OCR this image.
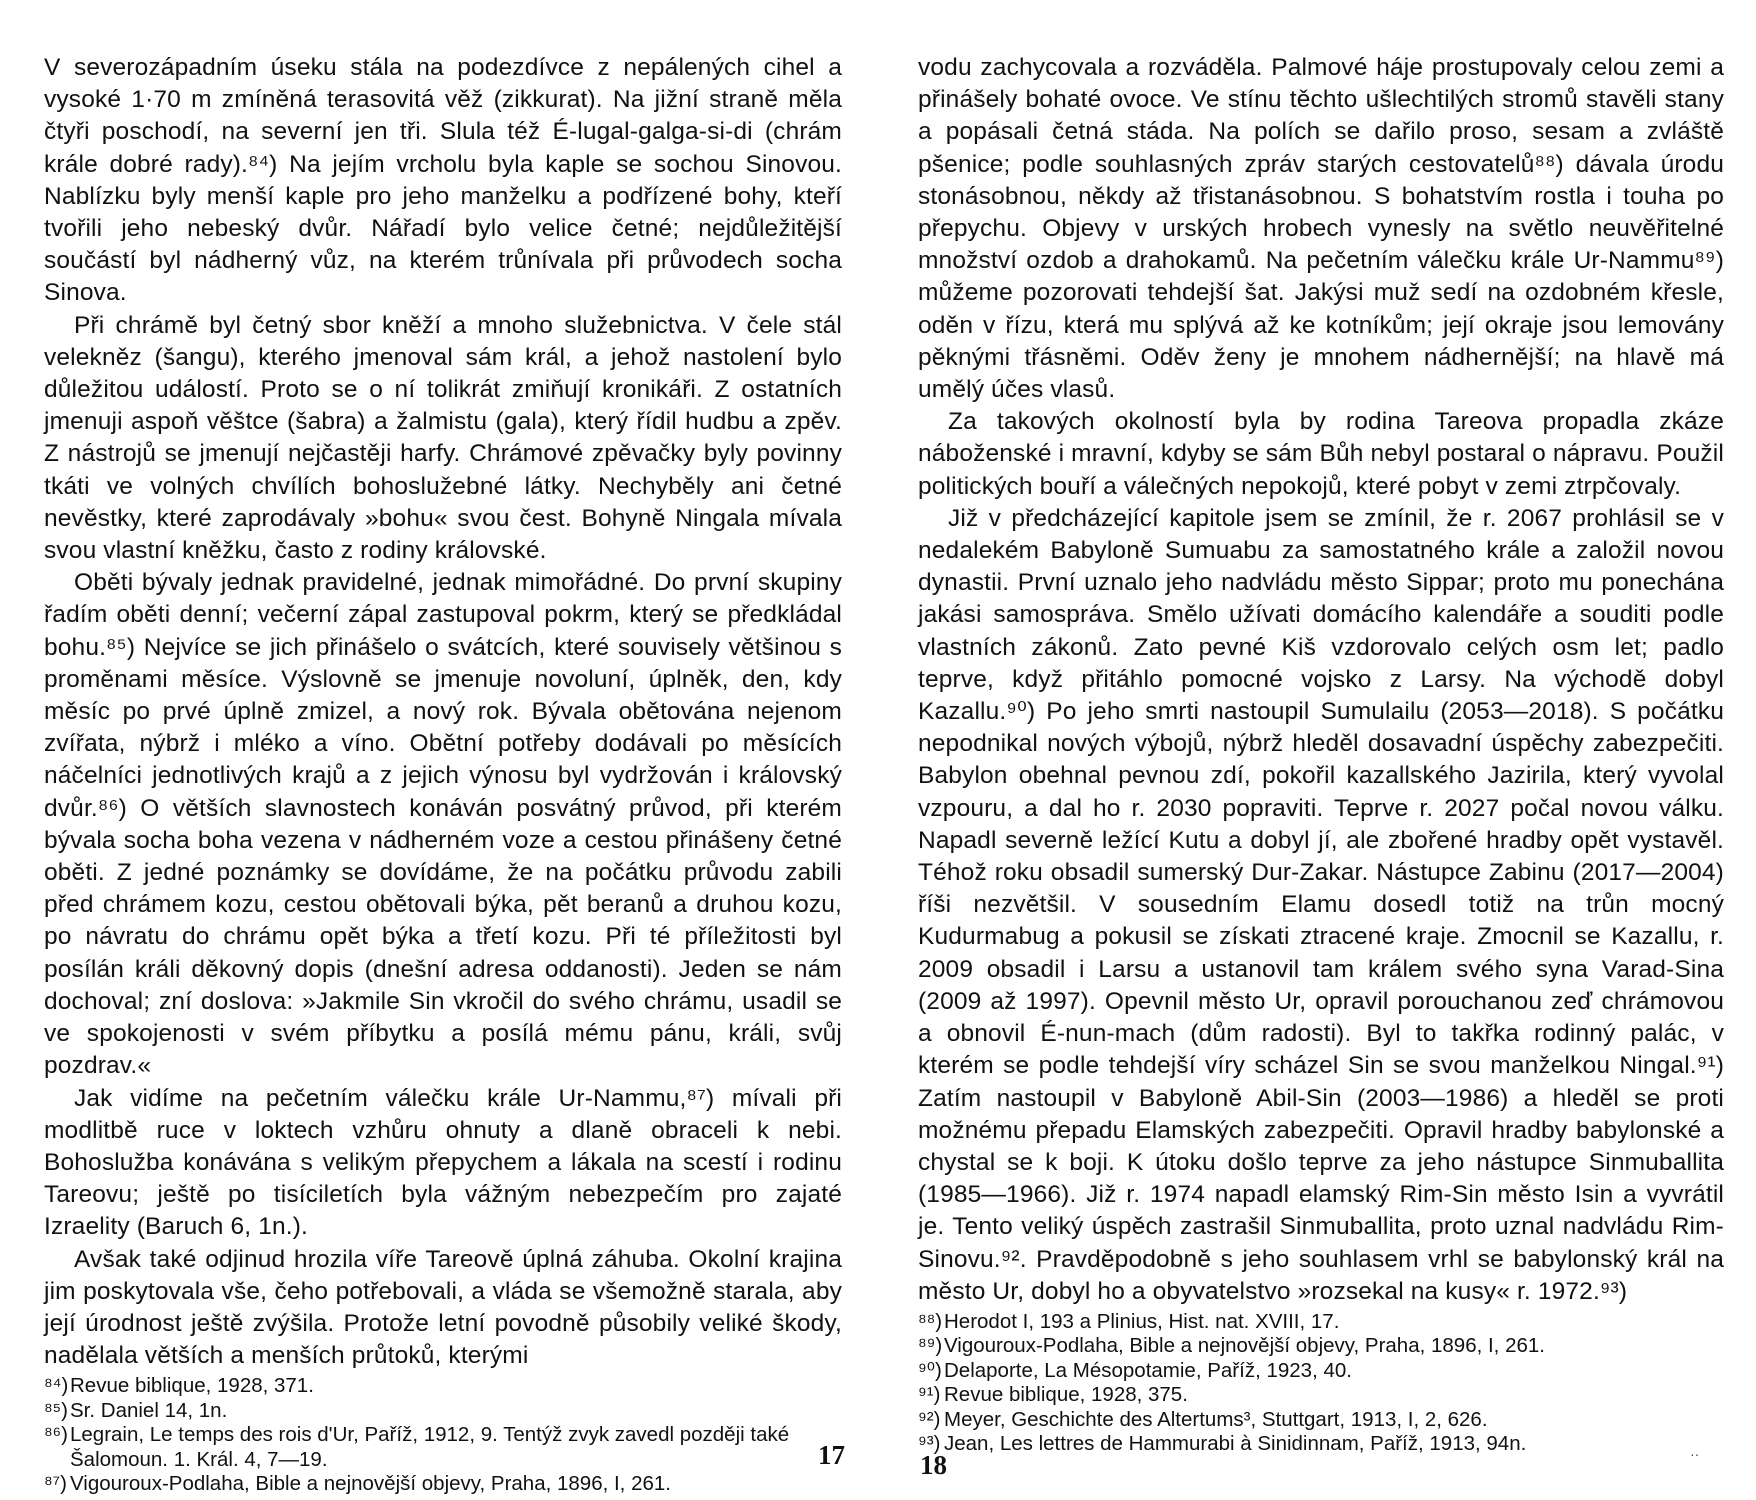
V severozápadním úseku stála na podezdívce z nepálených cihel a vysoké 1·70 m zmíněná terasovitá věž (zikkurat). Na jižní straně měla čtyři poschodí, na severní jen tři. Slula též É-lugal-galga-si-di (chrám krále dobré rady).⁸⁴) Na jejím vrcholu byla kaple se sochou Sinovou. Nablízku byly menší kaple pro jeho manželku a podřízené bohy, kteří tvořili jeho nebeský dvůr. Nářadí bylo velice četné; nejdůležitější součástí byl nádherný vůz, na kterém trůnívala při průvodech socha Sinova.

Při chrámě byl četný sbor kněží a mnoho služebnictva. V čele stál velekněz (šangu), kterého jmenoval sám král, a jehož nastolení bylo důležitou událostí. Proto se o ní tolikrát zmiňují kronikáři. Z ostatních jmenuji aspoň věštce (šabra) a žalmistu (gala), který řídil hudbu a zpěv. Z nástrojů se jmenují nejčastěji harfy. Chrámové zpěvačky byly povinny tkáti ve volných chvílích bohoslužebné látky. Nechyběly ani četné nevěstky, které zaprodávaly »bohu« svou čest. Bohyně Ningala mívala svou vlastní kněžku, často z rodiny královské.

Oběti bývaly jednak pravidelné, jednak mimořádné. Do první skupiny řadím oběti denní; večerní zápal zastupoval pokrm, který se předkládal bohu.⁸⁵) Nejvíce se jich přinášelo o svátcích, které souvisely většinou s proměnami měsíce. Výslovně se jmenuje novoluní, úplněk, den, kdy měsíc po prvé úplně zmizel, a nový rok. Bývala obětována nejenom zvířata, nýbrž i mléko a víno. Obětní potřeby dodávali po měsících náčelníci jednotlivých krajů a z jejich výnosu byl vydržován i královský dvůr.⁸⁶) O větších slavnostech konáván posvátný průvod, při kterém bývala socha boha vezena v nádherném voze a cestou přinášeny četné oběti. Z jedné poznámky se dovídáme, že na počátku průvodu zabili před chrámem kozu, cestou obětovali býka, pět beranů a druhou kozu, po návratu do chrámu opět býka a třetí kozu. Při té příležitosti byl posílán králi děkovný dopis (dnešní adresa oddanosti). Jeden se nám dochoval; zní doslova: »Jakmile Sin vkročil do svého chrámu, usadil se ve spokojenosti v svém příbytku a posílá mému pánu, králi, svůj pozdrav.«

Jak vidíme na pečetním válečku krále Ur-Nammu,⁸⁷) mívali při modlitbě ruce v loktech vzhůru ohnuty a dlaně obraceli k nebi. Bohoslužba konávána s velikým přepychem a lákala na scestí i rodinu Tareovu; ještě po tisíciletích byla vážným nebezpečím pro zajaté Izraelity (Baruch 6, 1n.).

Avšak také odjinud hrozila víře Tareově úplná záhuba. Okolní krajina jim poskytovala vše, čeho potřebovali, a vláda se všemožně starala, aby její úrodnost ještě zvýšila. Protože letní povodně působily veliké škody, nadělala větších a menších průtoků, kterými

⁸⁴)Revue biblique, 1928, 371.
⁸⁵)Sr. Daniel 14, 1n.
⁸⁶) Legrain, Le temps des rois d'Ur, Paříž, 1912, 9. Tentýž zvyk zavedl později také Šalomoun. 1. Král. 4, 7—19.
⁸⁷) Vigouroux-Podlaha, Bible a nejnovější objevy, Praha, 1896, I, 261.
17

vodu zachycovala a rozváděla. Palmové háje prostupovaly celou zemi a přinášely bohaté ovoce. Ve stínu těchto ušlechtilých stromů stavěli stany a popásali četná stáda. Na polích se dařilo proso, sesam a zvláště pšenice; podle souhlasných zpráv starých cestovatelů⁸⁸) dávala úrodu stonásobnou, někdy až třistanásobnou. S bohatstvím rostla i touha po přepychu. Objevy v urských hrobech vynesly na světlo neuvěřitelné množství ozdob a drahokamů. Na pečetním válečku krále Ur-Nammu⁸⁹) můžeme pozorovati tehdejší šat. Jakýsi muž sedí na ozdobném křesle, oděn v řízu, která mu splývá až ke kotníkům; její okraje jsou lemovány pěknými třásněmi. Oděv ženy je mnohem nádhernější; na hlavě má umělý účes vlasů.

Za takových okolností byla by rodina Tareova propadla zkáze náboženské i mravní, kdyby se sám Bůh nebyl postaral o nápravu. Použil politických bouří a válečných nepokojů, které pobyt v zemi ztrpčovaly.

Již v předcházející kapitole jsem se zmínil, že r. 2067 prohlásil se v nedalekém Babyloně Sumuabu za samostatného krále a založil novou dynastii. První uznalo jeho nadvládu město Sippar; proto mu ponechána jakási samospráva. Smělo užívati domácího kalendáře a souditi podle vlastních zákonů. Zato pevné Kiš vzdorovalo celých osm let; padlo teprve, když přitáhlo pomocné vojsko z Larsy. Na východě dobyl Kazallu.⁹⁰) Po jeho smrti nastoupil Sumulailu (2053—2018). S počátku nepodnikal nových výbojů, nýbrž hleděl dosavadní úspěchy zabezpečiti. Babylon obehnal pevnou zdí, pokořil kazallského Jazirila, který vyvolal vzpouru, a dal ho r. 2030 popraviti. Teprve r. 2027 počal novou válku. Napadl severně ležící Kutu a dobyl jí, ale zbořené hradby opět vystavěl. Téhož roku obsadil sumerský Dur-Zakar. Nástupce Zabinu (2017—2004) říši nezvětšil. V sousedním Elamu dosedl totiž na trůn mocný Kudurmabug a pokusil se získati ztracené kraje. Zmocnil se Kazallu, r. 2009 obsadil i Larsu a ustanovil tam králem svého syna Varad-Sina (2009 až 1997). Opevnil město Ur, opravil porouchanou zeď chrámovou a obnovil É-nun-mach (dům radosti). Byl to takřka rodinný palác, v kterém se podle tehdejší víry scházel Sin se svou manželkou Ningal.⁹¹) Zatím nastoupil v Babyloně Abil-Sin (2003—1986) a hleděl se proti možnému přepadu Elamských zabezpečiti. Opravil hradby babylonské a chystal se k boji. K útoku došlo teprve za jeho nástupce Sinmuballita (1985—1966). Již r. 1974 napadl elamský Rim-Sin město Isin a vyvrátil je. Tento veliký úspěch zastrašil Sinmuballita, proto uznal nadvládu Rim-Sinovu.⁹². Pravděpodobně s jeho souhlasem vrhl se babylonský král na město Ur, dobyl ho a obyvatelstvo »rozsekal na kusy« r. 1972.⁹³)

⁸⁸)Herodot I, 193 a Plinius, Hist. nat. XVIII, 17.
⁸⁹)Vigouroux-Podlaha, Bible a nejnovější objevy, Praha, 1896, I, 261.
⁹⁰) Delaporte, La Mésopotamie, Paříž, 1923, 40.
⁹¹) Revue biblique, 1928, 375.
⁹²) Meyer, Geschichte des Altertums³, Stuttgart, 1913, I, 2, 626.
⁹³) Jean, Les lettres de Hammurabi à Sinidinnam, Paříž, 1913, 94n.
18	··
